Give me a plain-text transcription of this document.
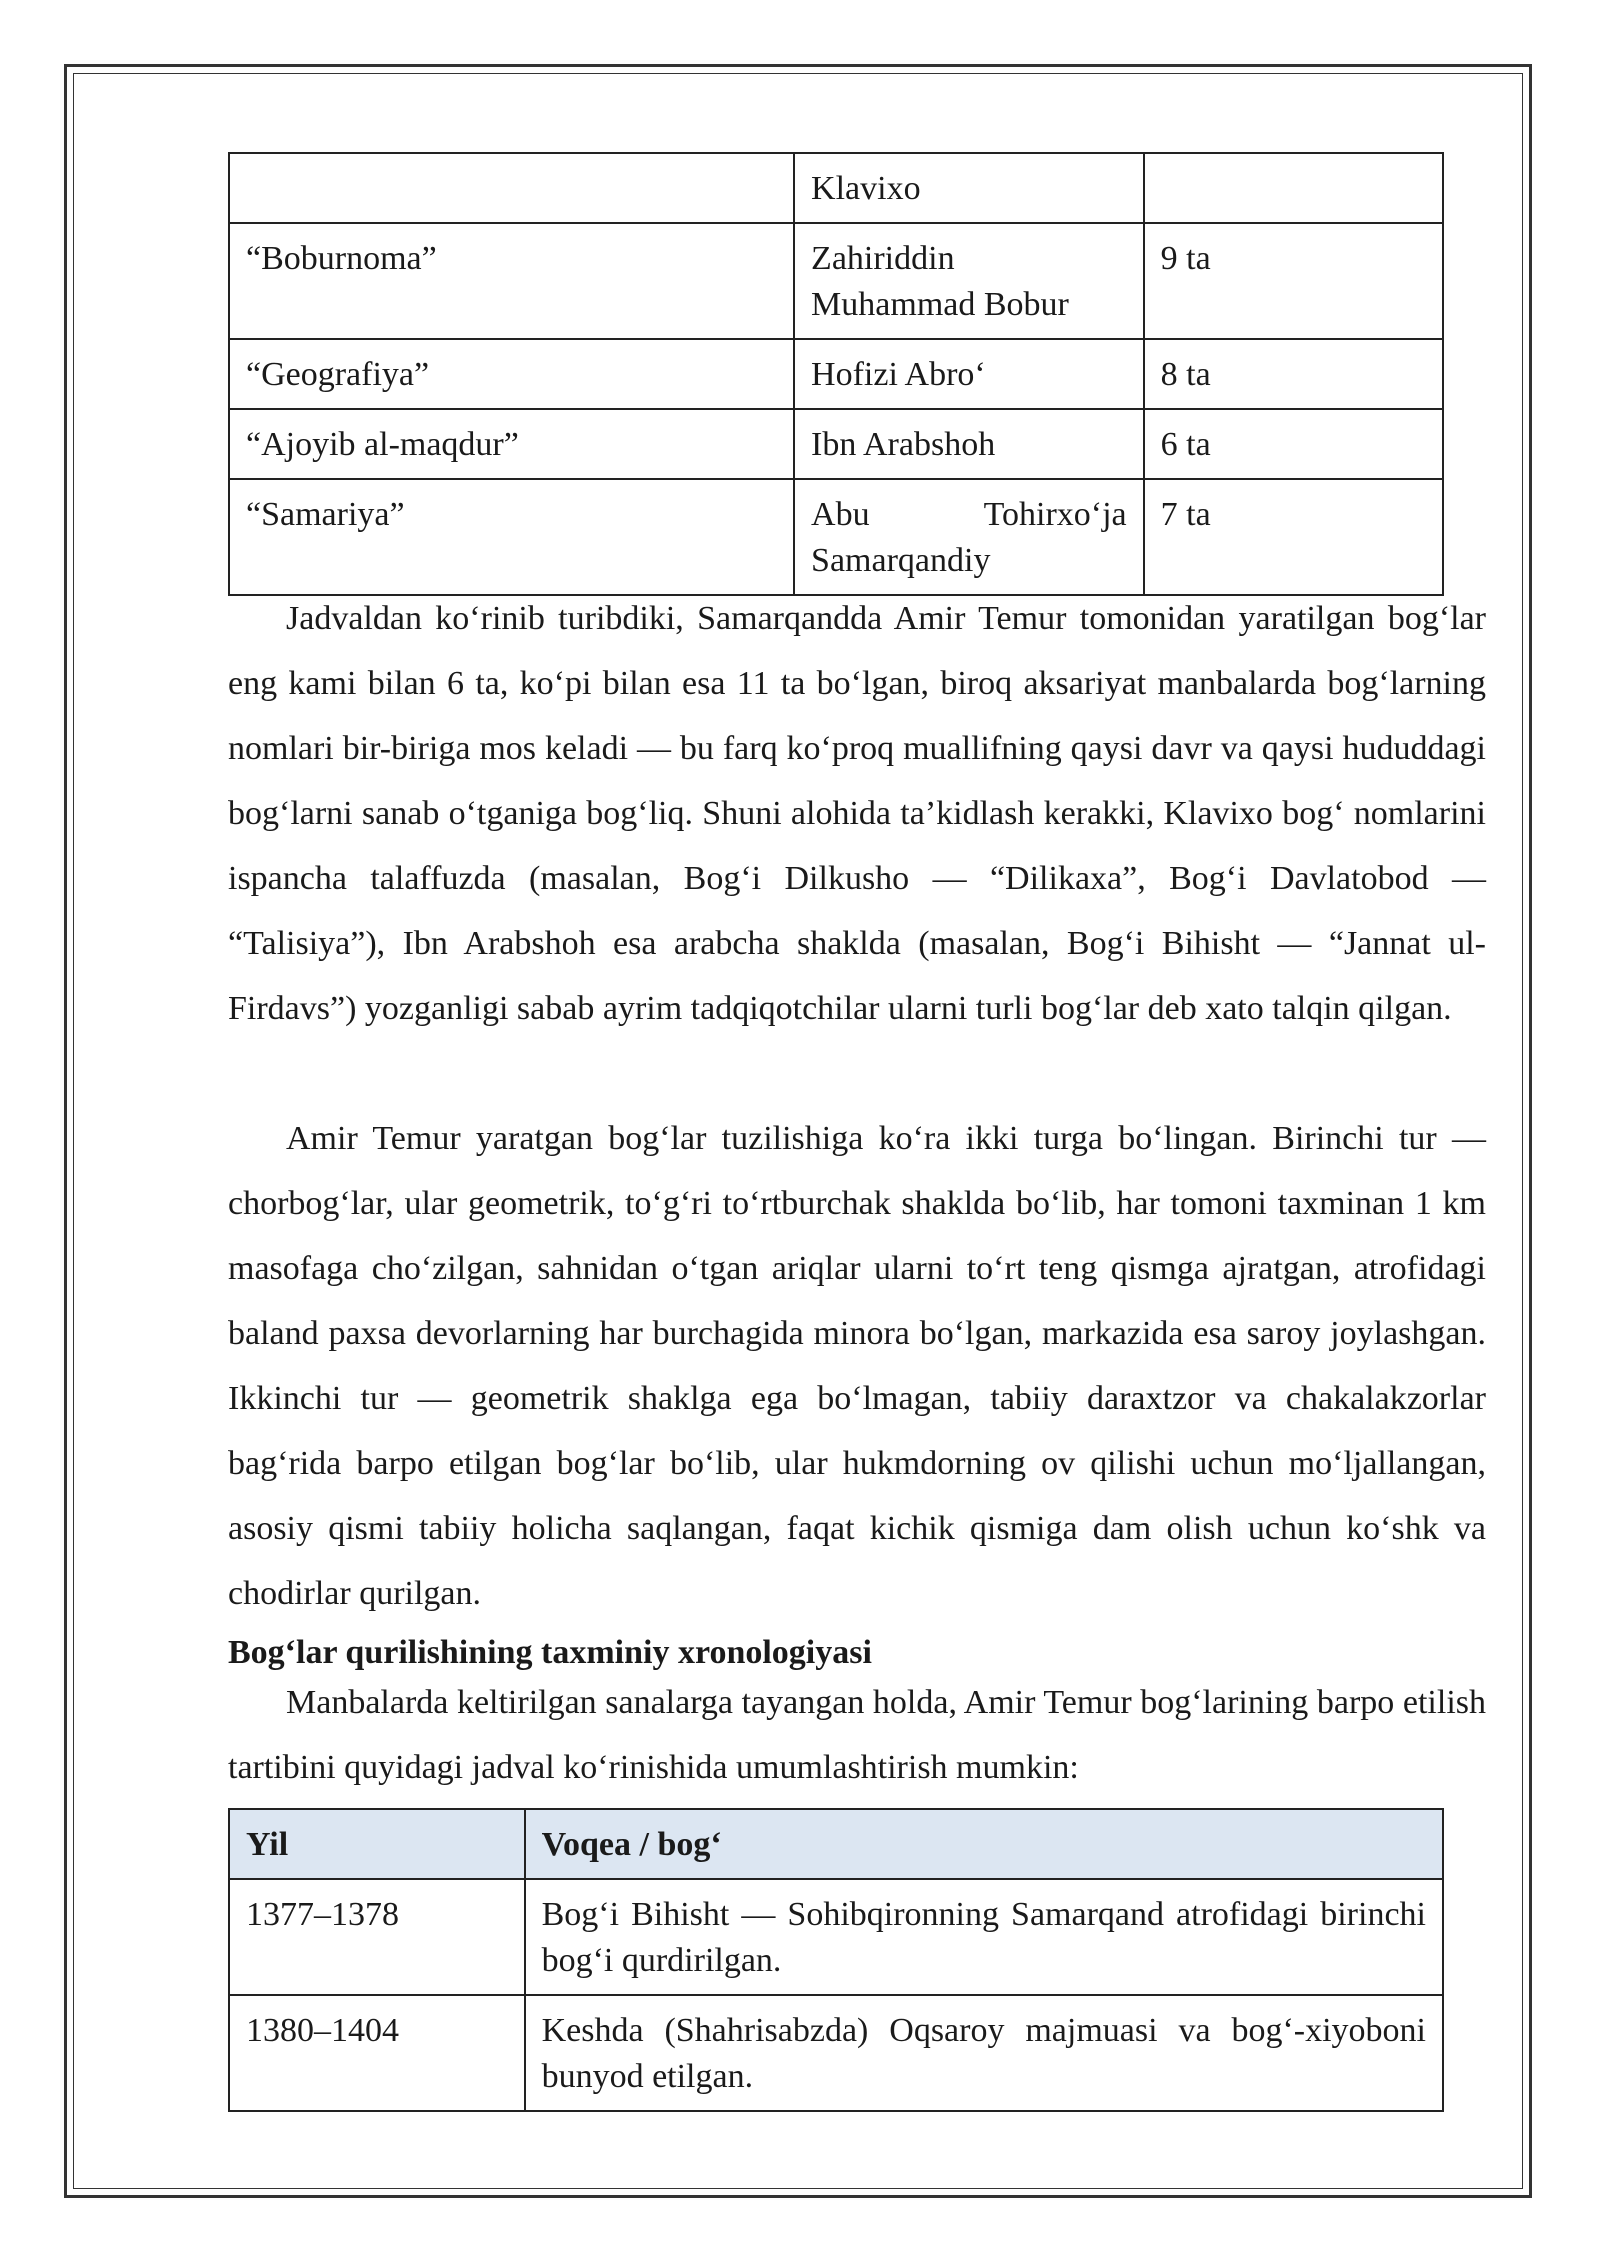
	Klavixo	
“Boburnoma”	Zahiriddin Muhammad Bobur	9 ta
“Geografiya”	Hofizi Abro‘	8 ta
“Ajoyib al-maqdur”	Ibn Arabshoh	6 ta
“Samariya”	Abu Tohirxo‘ja Samarqandiy	7 ta

Jadvaldan ko‘rinib turibdiki, Samarqandda Amir Temur tomonidan yaratilgan bog‘lar eng kami bilan 6 ta, ko‘pi bilan esa 11 ta bo‘lgan, biroq aksariyat manbalarda bog‘larning nomlari bir-biriga mos keladi — bu farq ko‘proq muallifning qaysi davr va qaysi hududdagi bog‘larni sanab o‘tganiga bog‘liq. Shuni alohida ta’kidlash kerakki, Klavixo bog‘ nomlarini ispancha talaffuzda (masalan, Bog‘i Dilkusho — “Dilikaxa”, Bog‘i Davlatobod — “Talisiya”), Ibn Arabshoh esa arabcha shaklda (masalan, Bog‘i Bihisht — “Jannat ul-Firdavs”) yozganligi sabab ayrim tadqiqotchilar ularni turli bog‘lar deb xato talqin qilgan.

Amir Temur yaratgan bog‘lar tuzilishiga ko‘ra ikki turga bo‘lingan. Birinchi tur — chorbog‘lar, ular geometrik, to‘g‘ri to‘rtburchak shaklda bo‘lib, har tomoni taxminan 1 km masofaga cho‘zilgan, sahnidan o‘tgan ariqlar ularni to‘rt teng qismga ajratgan, atrofidagi baland paxsa devorlarning har burchagida minora bo‘lgan, markazida esa saroy joylashgan. Ikkinchi tur — geometrik shaklga ega bo‘lmagan, tabiiy daraxtzor va chakalakzorlar bag‘rida barpo etilgan bog‘lar bo‘lib, ular hukmdorning ov qilishi uchun mo‘ljallangan, asosiy qismi tabiiy holicha saqlangan, faqat kichik qismiga dam olish uchun ko‘shk va chodirlar qurilgan.

Bog‘lar qurilishining taxminiy xronologiyasi

Manbalarda keltirilgan sanalarga tayangan holda, Amir Temur bog‘larining barpo etilish tartibini quyidagi jadval ko‘rinishida umumlashtirish mumkin:

Yil	Voqea / bog‘
1377–1378	Bog‘i Bihisht — Sohibqironning Samarqand atrofidagi birinchi bog‘i qurdirilgan.
1380–1404	Keshda (Shahrisabzda) Oqsaroy majmuasi va bog‘-xiyoboni bunyod etilgan.
